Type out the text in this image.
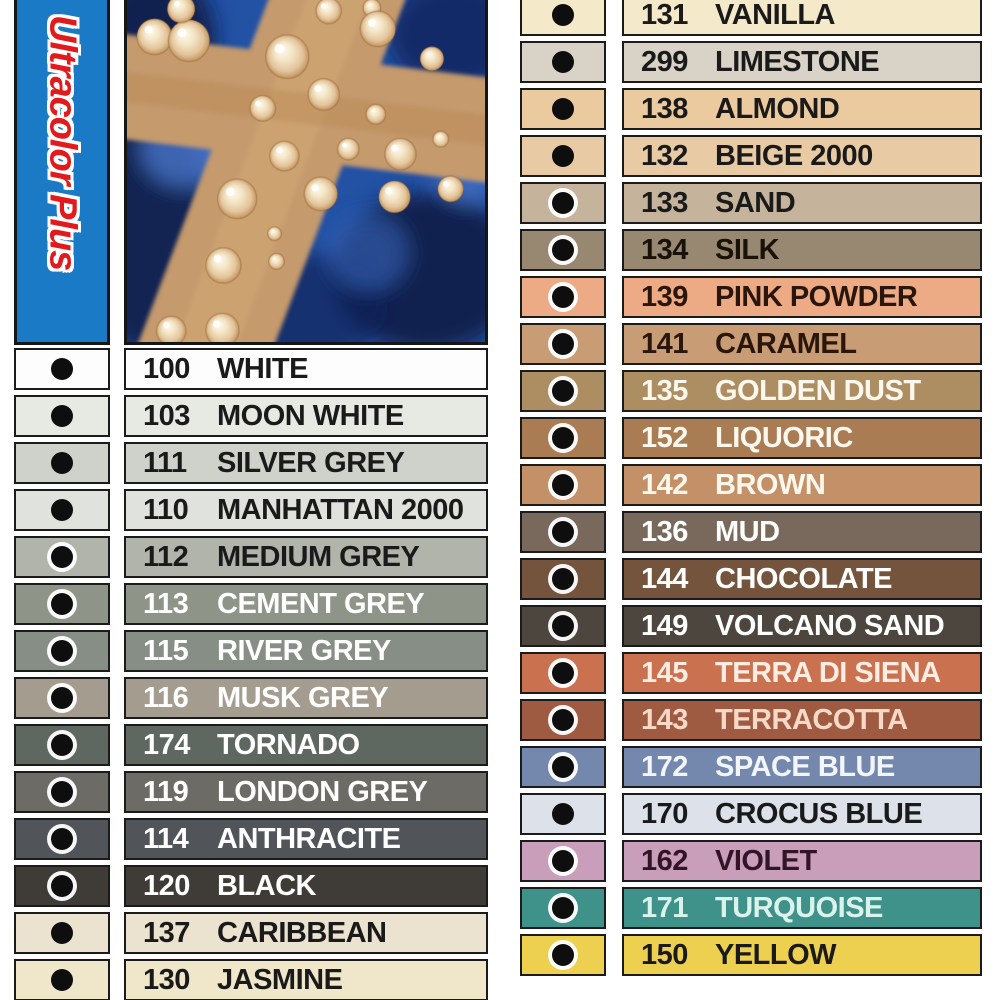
Ultracolor Plus
100 WHITE
103 MOON WHITE
111	SILVER GREY
110 MANHATTAN 2000
112 MEDIUM GREY
113 CEMENT GREY
115 RIVER GREY
116 MUSK GREY
174 TORNADO
119 LONDON GREY
114 ANTHRACITE
120 BLACK
137 CARIBBEAN
130 JASMINE
131 VANILLA
299 LIMESTONE
138 ALMOND
132 BEIGE 2000
133 SAND
134 SILK
139 PINK POWDER
141 CARAMEL
135 GOLDEN DUST
152 LIQUORIC
142 BROWN
136 MUD
144 CHOCOLATE
149 VOLCANO SAND
145 TERRA DI SIENA
143 TERRACOTTA
172 SPACE BLUE
170 CROCUS BLUE
162 VIOLET
171 TURQUOISE
150 YELLOW
